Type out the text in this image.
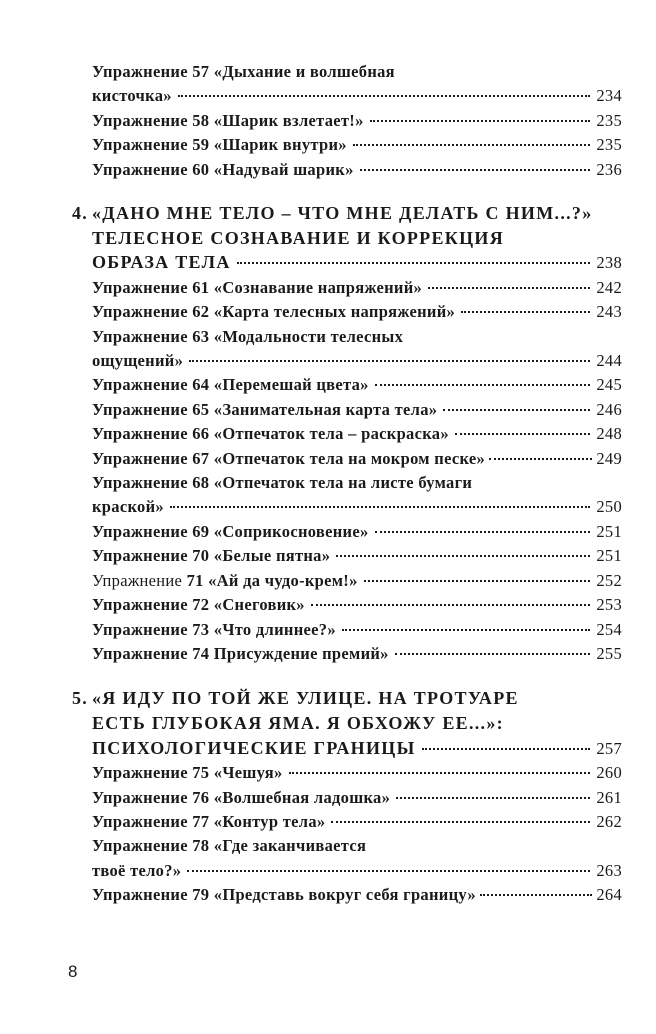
Упражнение 57 «Дыхание и волшебная
кисточка»	234
Упражнение 58 «Шарик взлетает!»	235
Упражнение 59 «Шарик внутри»	235
Упражнение 60 «Надувай шарик»	236
4. «ДАНО МНЕ ТЕЛО – ЧТО МНЕ ДЕЛАТЬ С НИМ...?»
ТЕЛЕСНОЕ СОЗНАВАНИЕ И КОРРЕКЦИЯ
ОБРАЗА ТЕЛА	238
Упражнение 61 «Сознавание напряжений»	242
Упражнение 62 «Карта телесных напряжений»	243
Упражнение 63 «Модальности телесных
ощущений»	244
Упражнение 64 «Перемешай цвета»	245
Упражнение 65 «Занимательная карта тела»	246
Упражнение 66 «Отпечаток тела – раскраска»	248
Упражнение 67 «Отпечаток тела на мокром песке»	249
Упражнение 68 «Отпечаток тела на листе бумаги
краской»	250
Упражнение 69 «Соприкосновение»	251
Упражнение 70 «Белые пятна»	251
Упражнение 71 «Ай да чудо-крем!»	252
Упражнение 72 «Снеговик»	253
Упражнение 73 «Что длиннее?»	254
Упражнение 74 Присуждение премий»	255
5. «Я ИДУ ПО ТОЙ ЖЕ УЛИЦЕ. НА ТРОТУАРЕ
ЕСТЬ ГЛУБОКАЯ ЯМА. Я ОБХОЖУ ЕЕ...»:
ПСИХОЛОГИЧЕСКИЕ ГРАНИЦЫ	257
Упражнение 75 «Чешуя»	260
Упражнение 76 «Волшебная ладошка»	261
Упражнение 77 «Контур тела»	262
Упражнение 78 «Где заканчивается
твоё тело?»	263
Упражнение 79 «Представь вокруг себя границу»	264
8
